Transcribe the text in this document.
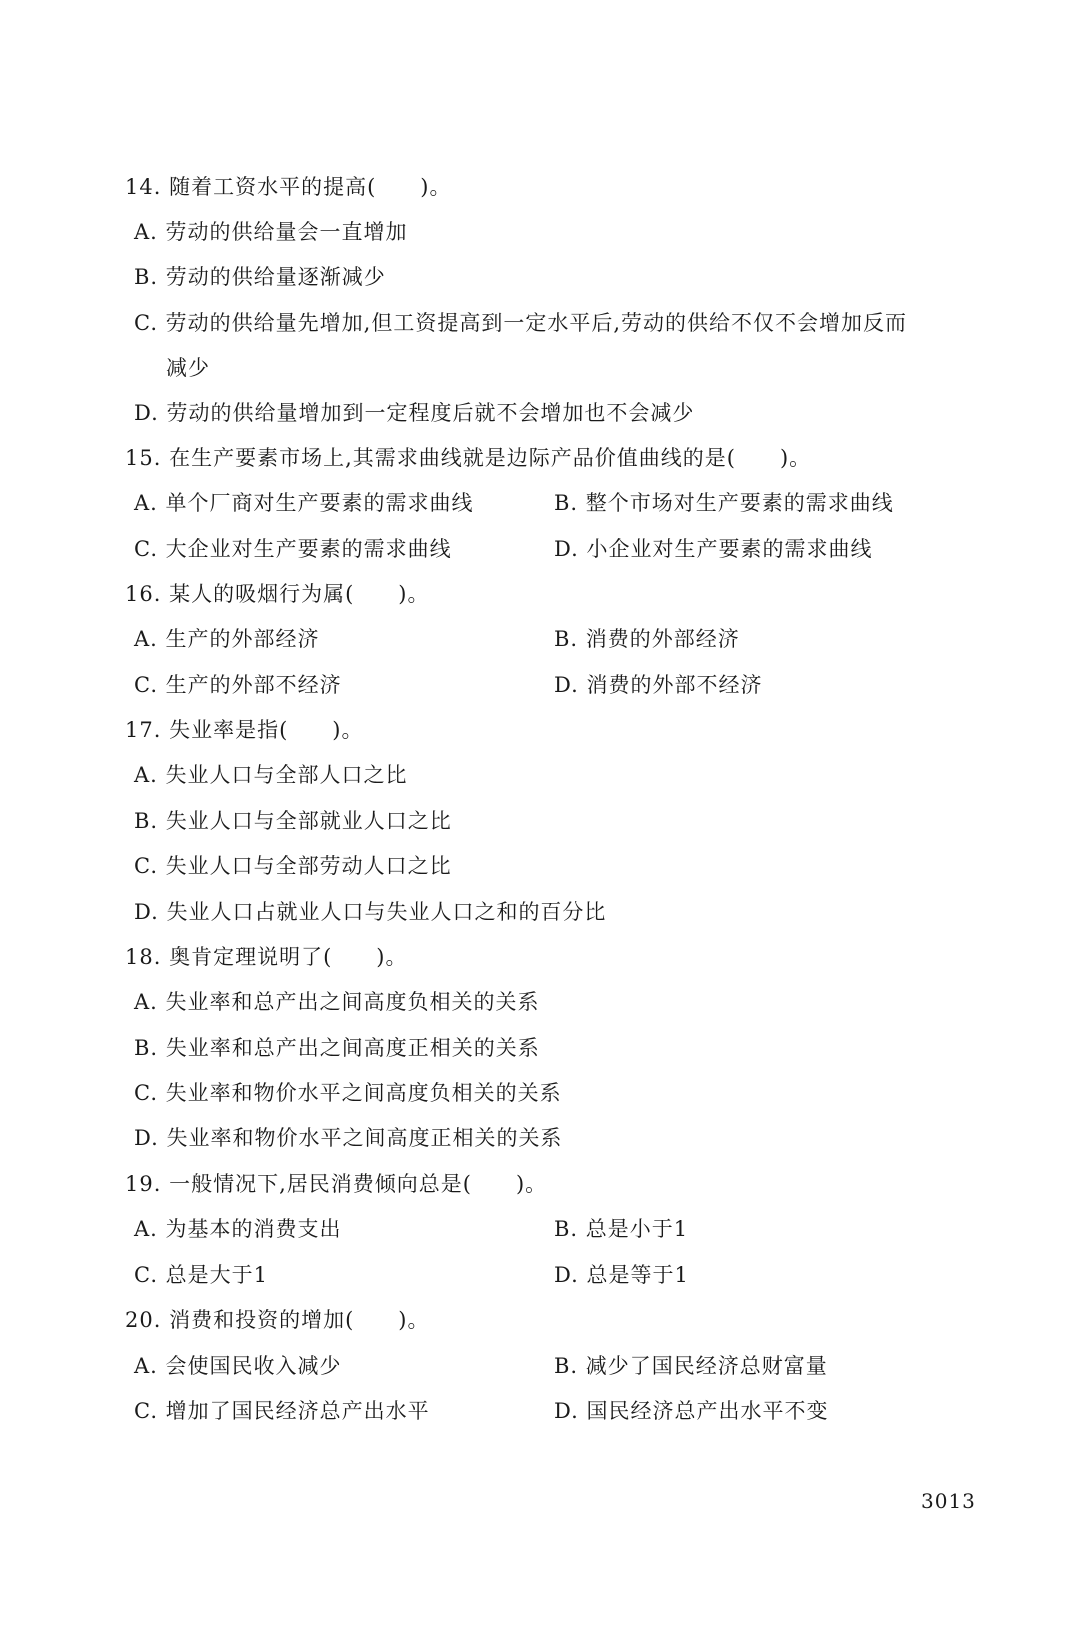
14. 随着工资水平的提高(　　)。
A. 劳动的供给量会一直增加
B. 劳动的供给量逐渐减少
C. 劳动的供给量先增加,但工资提高到一定水平后,劳动的供给不仅不会增加反而
减少
D. 劳动的供给量增加到一定程度后就不会增加也不会减少
15. 在生产要素市场上,其需求曲线就是边际产品价值曲线的是(　　)。
A. 单个厂商对生产要素的需求曲线	B. 整个市场对生产要素的需求曲线
C. 大企业对生产要素的需求曲线	D. 小企业对生产要素的需求曲线
16. 某人的吸烟行为属(　　)。
A. 生产的外部经济	B. 消费的外部经济
C. 生产的外部不经济	D. 消费的外部不经济
17. 失业率是指(　　)。
A. 失业人口与全部人口之比
B. 失业人口与全部就业人口之比
C. 失业人口与全部劳动人口之比
D. 失业人口占就业人口与失业人口之和的百分比
18. 奥肯定理说明了(　　)。
A. 失业率和总产出之间高度负相关的关系
B. 失业率和总产出之间高度正相关的关系
C. 失业率和物价水平之间高度负相关的关系
D. 失业率和物价水平之间高度正相关的关系
19. 一般情况下,居民消费倾向总是(　　)。
A. 为基本的消费支出	B. 总是小于1
C. 总是大于1	D. 总是等于1
20. 消费和投资的增加(　　)。
A. 会使国民收入减少	B. 减少了国民经济总财富量
C. 增加了国民经济总产出水平	D. 国民经济总产出水平不变
3013
